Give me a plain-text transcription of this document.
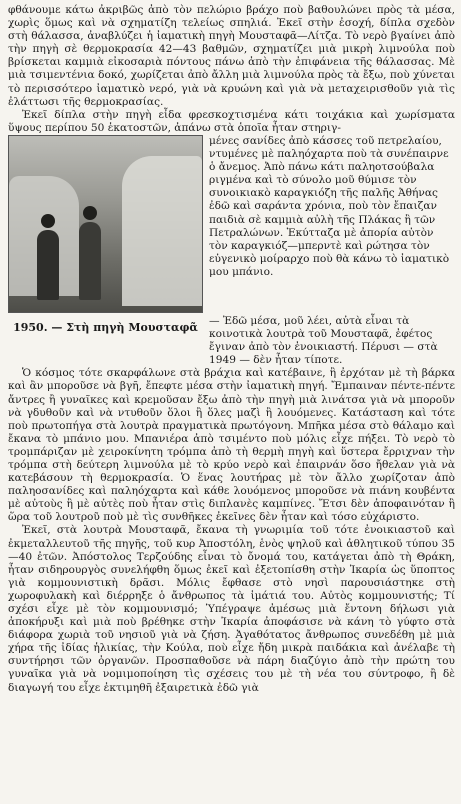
φθάνουμε κάτω ἀκριβῶς ἀπὸ τὸν πελώριο βράχο ποὺ βαθουλώνει πρὸς τὰ μέσα, χωρὶς ὅμως καὶ νὰ σχηματίζη τελείως σπηλιά. Ἐκεῖ στὴν ἐσοχή, δίπλα σχεδὸν στὴ θάλασσα, ἀναβλύζει ἡ ἰαματικὴ πηγὴ Μουσταφᾶ—Λίτζα. Τὸ νερὸ βγαίνει ἀπὸ τὴν πηγὴ σὲ θερμοκρασία 42—43 βαθμῶν, σχηματίζει μιὰ μικρὴ λιμνούλα ποὺ βρίσκεται καμμιὰ εἰκοσαριὰ πόντους πάνω ἀπὸ τὴν ἐπιφάνεια τῆς θάλασσας. Μὲ μιὰ τσιμεντένια δοκό, χωρίζεται ἀπὸ ἄλλη μιὰ λιμνούλα πρὸς τὰ ἔξω, ποὺ χύνεται τὸ περισσότερο ἰαματικὸ νερό, γιὰ νὰ κρυώνη καὶ γιὰ νὰ μεταχειρισθοῦν γιὰ τὶς ἐλάττωσι τῆς θερμοκρασίας.

Ἐκεῖ δίπλα στὴν πηγὴ εἶδα φρεσκοχτισμένα κάτι τοιχάκια καὶ χωρίσματα ὕψους περίπου 50 ἑκατοστῶν, ἀπάνω στὰ ὁποῖα ἦταν στηριγ-

μένες σανίδες ἀπὸ κάσσες τοῦ πετρελαίου, ντυμένες μὲ παληόχαρτα ποὺ τὰ συνέπαιρνε ὁ ἄνεμος. Ἀπὸ πάνω κάτι παληοτσούβαλα ριγμένα καὶ τὸ σύνολο μοῦ θύμισε τὸν συνοικιακὸ καραγκιόζη τῆς παλῆς Ἀθήνας ἐδῶ καὶ σαράντα χρόνια, ποὺ τὸν ἔπαιζαν παιδιὰ σὲ καμμιὰ αὐλὴ τῆς Πλάκας ἢ τῶν Πετραλώνων. Ἐκύτταζα μὲ ἀπορία αὐτὸν τὸν καραγκιόζ—μπερντὲ καὶ ρώτησα τὸν εὐγενικὸ μοίραρχο ποὺ θὰ κάνω τὸ ἰαματικὸ μου μπάνιο.

1950. — Στὴ πηγὴ Μουσταφᾶ	— Ἐδῶ μέσα, μοῦ λέει, αὐτὰ εἶναι τὰ κοινοτικὰ λουτρὰ τοῦ Μουσταφᾶ, ἐφέτος ἔγιναν ἀπὸ τὸν ἐνοικιαστή. Πέρυσι — στὰ 1949 — δὲν ἦταν τίποτε.

Ὁ κόσμος τότε σκαρφάλωνε στὰ βράχια καὶ κατέβαινε, ἢ ἐρχόταν μὲ τὴ βάρκα καὶ ἂν μποροῦσε νὰ βγῆ, ἔπεφτε μέσα στὴν ἰαματικὴ πηγή. Ἔμπαιναν πέντε-πέντε ἄντρες ἢ γυναῖκες καὶ κρεμοῦσαν ἔξω ἀπὸ τὴν πηγὴ μιὰ λινάτσα γιὰ νὰ μποροῦν νὰ γδυθοῦν καὶ νὰ ντυθοῦν ὅλοι ἢ ὅλες μαζὶ ἢ λουόμενες. Κατάσταση καὶ τότε ποὺ πρωτοπήγα στὰ λουτρὰ πραγματικὰ πρωτόγονη. Μπῆκα μέσα στὸ θάλαμο καὶ ἔκανα τὸ μπάνιο μου. Μπανιέρα ἀπὸ τσιμέντο ποὺ μόλις εἶχε πήξει. Τὸ νερὸ τὸ τρομπάριζαν μὲ χειροκίνητη τρόμπα ἀπὸ τὴ θερμὴ πηγὴ καὶ ὕστερα ἔρριχναν τὴν τρόμπα στὴ δεύτερη λιμνούλα μὲ τὸ κρύο νερὸ καὶ ἐπαιρνάν ὅσο ἤθελαν γιὰ νὰ κατεβάσουν τὴ θερμοκρασία. Ὁ ἕνας λουτήρας μὲ τὸν ἄλλο χωρίζοταν ἀπὸ παληοσανίδες καὶ παληόχαρτα καὶ κάθε λουόμενος μποροῦσε νὰ πιάνη κουβέντα μὲ αὐτοὺς ἢ μὲ αὐτὲς ποὺ ἦταν στὶς διπλανὲς καμπίνες. Ἔτσι δὲν ἀποφαινόταν ἢ ὥρα τοῦ λουτροῦ ποὺ μὲ τὶς συνθῆκες ἐκεῖνες δὲν ἦταν καὶ τόσο εὐχάριστο.

Ἐκεῖ, στὰ λουτρὰ Μουσταφᾶ, ἔκανα τὴ γνωριμία τοῦ τότε ἐνοικιαστοῦ καὶ ἐκμεταλλευτοῦ τῆς πηγῆς, τοῦ κυρ Ἀποστόλη, ἑνὸς ψηλοῦ καὶ ἀθλητικοῦ τύπου 35—40 ἐτῶν. Ἀπόστολος Τερζούδης εἶναι τὸ ὄνομά του, κατάγεται ἀπὸ τὴ Θράκη, ἦταν σιδηρουργὸς συνελήφθη ὅμως ἐκεῖ καὶ ἐξετοπίσθη στὴν Ἰκαρία ὡς ὕποπτος γιὰ κομμουνιστικὴ δρᾶσι. Μόλις ἔφθασε στὸ νησὶ παρουσιάστηκε στὴ χωροφυλακὴ καὶ διέρρηξε ὁ ἄνθρωπος τὰ ἱμάτιά του. Αὐτὸς κομμουνιστής; Τί σχέσι εἶχε μὲ τὸν κομμουνισμό; Ὑπέγραψε ἀμέσως μιὰ ἔντονη δήλωσι γιὰ ἀποκήρυξι καὶ μιὰ ποὺ βρέθηκε στὴν Ἰκαρία ἀποφάσισε νὰ κάνη τὸ γύφτο στὰ διάφορα χωριὰ τοῦ νησιοῦ γιὰ νὰ ζήση. Ἀγαθότατος ἄνθρωπος συνεδέθη μὲ μιὰ χήρα τῆς ἰδίας ἡλικίας, τὴν Κούλα, ποὺ εἶχε ἤδη μικρὰ παιδάκια καὶ ἀνέλαβε τὴ συντήρησι τῶν ὀργανῶν. Προσπαθοῦσε νὰ πάρη διαζύγιο ἀπὸ τὴν πρώτη του γυναῖκα γιὰ νὰ νομιμοποίηση τὶς σχέσεις του μὲ τὴ νέα του σύντροφο, ἢ δὲ διαγωγή του εἶχε ἐκτιμηθῆ ἐξαιρετικὰ ἐδῶ γιὰ
